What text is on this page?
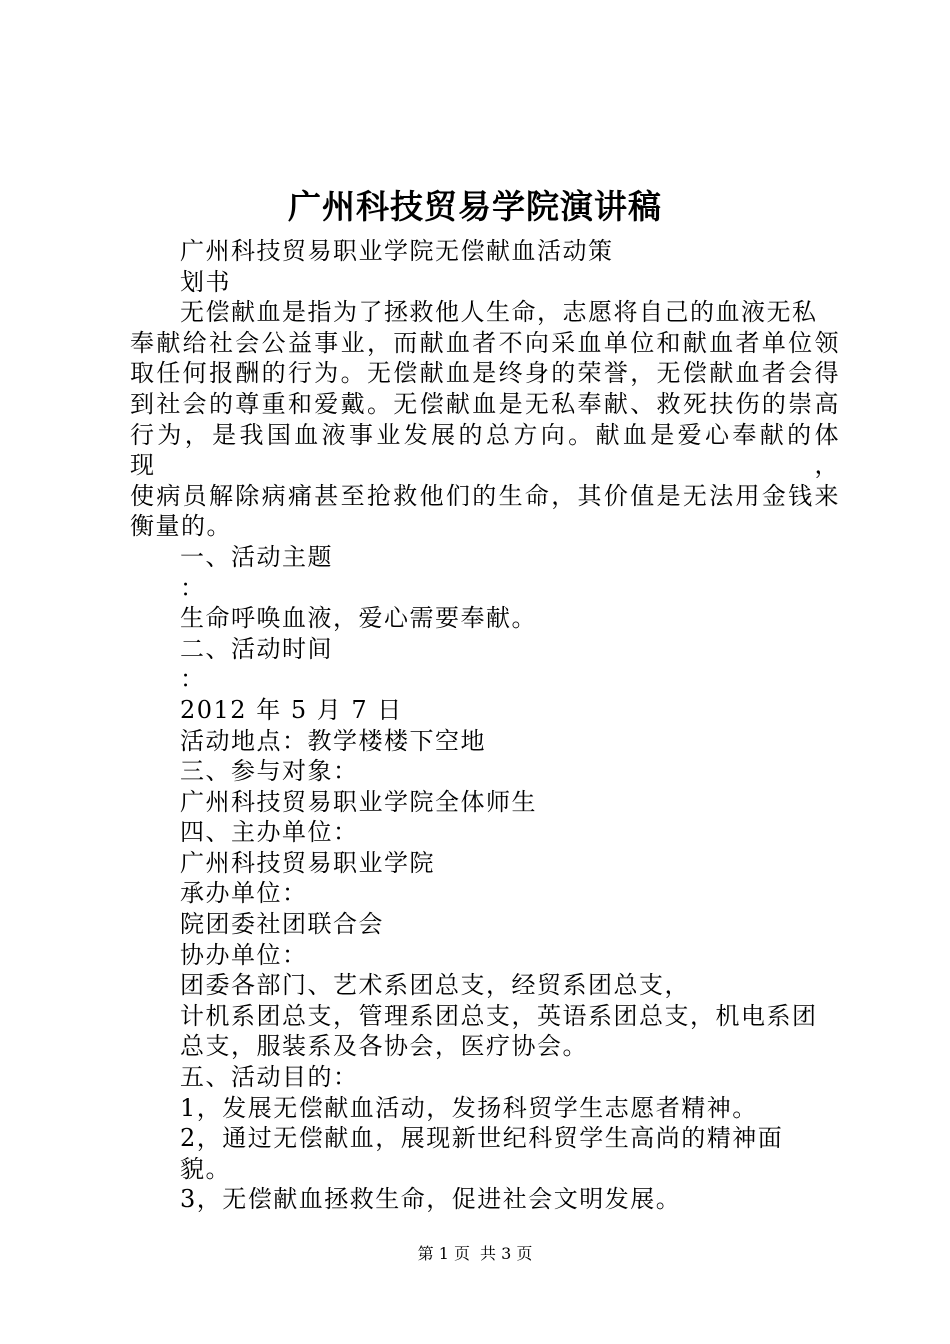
广州科技贸易学院演讲稿
广州科技贸易职业学院无偿献血活动策
划书
无偿献血是指为了拯救他人生命，志愿将自己的血液无私
奉献给社会公益事业，而献血者不向采血单位和献血者单位领
取任何报酬的行为。无偿献血是终身的荣誉，无偿献血者会得
到社会的尊重和爱戴。无偿献血是无私奉献、救死扶伤的崇高
行为，是我国血液事业发展的总方向。献血是爱心奉献的体现，
使病员解除病痛甚至抢救他们的生命，其价值是无法用金钱来
衡量的。
一、活动主题
：
生命呼唤血液，爱心需要奉献。
二、活动时间
：
2012 年 5 月 7 日
活动地点：教学楼楼下空地
三、参与对象：
广州科技贸易职业学院全体师生
四、主办单位：
广州科技贸易职业学院
承办单位：
院团委社团联合会
协办单位：
团委各部门、艺术系团总支，经贸系团总支，
计机系团总支，管理系团总支，英语系团总支，机电系团
总支，服装系及各协会，医疗协会。
五、活动目的：
1，发展无偿献血活动，发扬科贸学生志愿者精神。
2，通过无偿献血，展现新世纪科贸学生高尚的精神面
貌。
3，无偿献血拯救生命，促进社会文明发展。
第 1 页 共 3 页
